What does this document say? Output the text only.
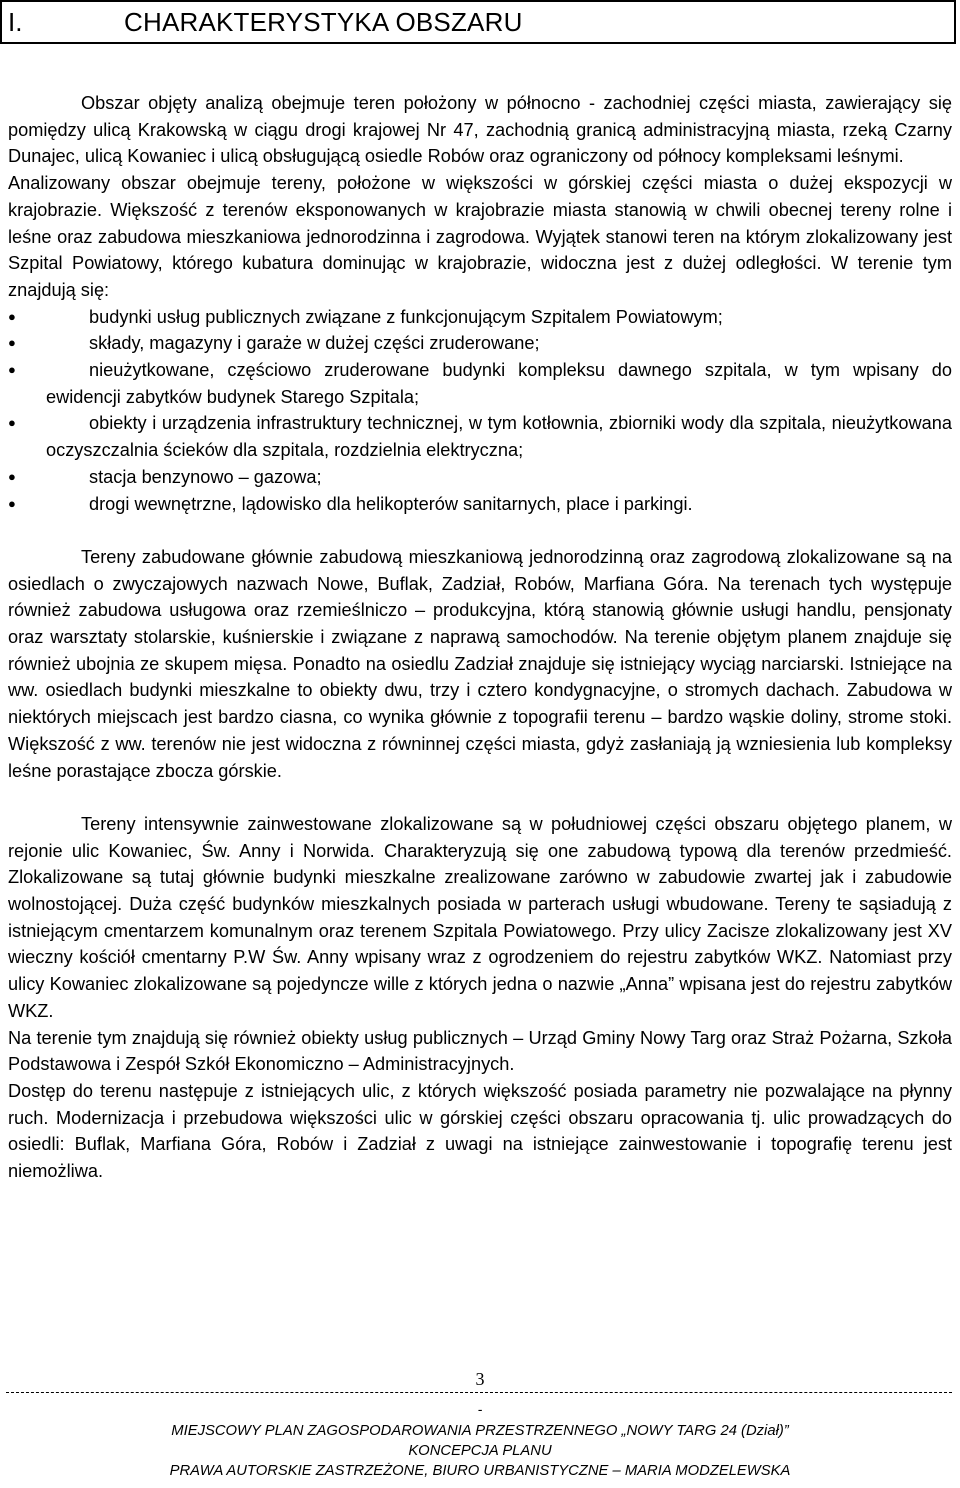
I.	CHARAKTERYSTYKA OBSZARU

Obszar objęty analizą obejmuje teren położony w północno - zachodniej części miasta, zawierający się pomiędzy ulicą Krakowską w ciągu drogi krajowej Nr 47, zachodnią granicą administracyjną miasta, rzeką Czarny Dunajec, ulicą Kowaniec i ulicą obsługującą osiedle Robów oraz ograniczony od północy kompleksami leśnymi.

Analizowany obszar obejmuje tereny, położone w większości w górskiej części miasta o dużej ekspozycji w krajobrazie. Większość z terenów eksponowanych w krajobrazie miasta stanowią w chwili obecnej tereny rolne i leśne oraz zabudowa mieszkaniowa jednorodzinna i zagrodowa. Wyjątek stanowi teren na którym zlokalizowany jest Szpital Powiatowy, którego kubatura dominując w krajobrazie, widoczna jest z dużej odległości. W terenie tym znajdują się:

● budynki usług publicznych związane z funkcjonującym Szpitalem Powiatowym;
● składy, magazyny i garaże w dużej części zruderowane;
● nieużytkowane, częściowo zruderowane budynki kompleksu dawnego szpitala, w tym wpisany do ewidencji zabytków budynek Starego Szpitala;
● obiekty i urządzenia infrastruktury technicznej, w tym kotłownia, zbiorniki wody dla szpitala, nieużytkowana oczyszczalnia ścieków dla szpitala, rozdzielnia elektryczna;
● stacja benzynowo – gazowa;
● drogi wewnętrzne, lądowisko dla helikopterów sanitarnych, place i parkingi.

Tereny zabudowane głównie zabudową mieszkaniową jednorodzinną oraz zagrodową zlokalizowane są na osiedlach o zwyczajowych nazwach Nowe, Buflak, Zadział, Robów, Marfiana Góra. Na terenach tych występuje również zabudowa usługowa oraz rzemieślniczo – produkcyjna, którą stanowią głównie usługi handlu, pensjonaty oraz warsztaty stolarskie, kuśnierskie i związane z naprawą samochodów. Na terenie objętym planem znajduje się również ubojnia ze skupem mięsa. Ponadto na osiedlu Zadział znajduje się istniejący wyciąg narciarski. Istniejące na ww. osiedlach budynki mieszkalne to obiekty dwu, trzy i cztero kondygnacyjne, o stromych dachach. Zabudowa w niektórych miejscach jest bardzo ciasna, co wynika głównie z topografii terenu – bardzo wąskie doliny, strome stoki. Większość z ww. terenów nie jest widoczna z równinnej części miasta, gdyż zasłaniają ją wzniesienia lub kompleksy leśne porastające zbocza górskie.

Tereny intensywnie zainwestowane zlokalizowane są w południowej części obszaru objętego planem, w rejonie ulic Kowaniec, Św. Anny i Norwida. Charakteryzują się one zabudową typową dla terenów przedmieść. Zlokalizowane są tutaj głównie budynki mieszkalne zrealizowane zarówno w zabudowie zwartej jak i zabudowie wolnostojącej. Duża część budynków mieszkalnych posiada w parterach usługi wbudowane. Tereny te sąsiadują z istniejącym cmentarzem komunalnym oraz terenem Szpitala Powiatowego. Przy ulicy Zacisze zlokalizowany jest XV wieczny kościół cmentarny P.W Św. Anny wpisany wraz z ogrodzeniem do rejestru zabytków WKZ. Natomiast przy ulicy Kowaniec zlokalizowane są pojedyncze wille z których jedna o nazwie „Anna” wpisana jest do rejestru zabytków WKZ.

Na terenie tym znajdują się również obiekty usług publicznych – Urząd Gminy Nowy Targ oraz Straż Pożarna, Szkoła Podstawowa i Zespół Szkół Ekonomiczno – Administracyjnych.

Dostęp do terenu następuje z istniejących ulic, z których większość posiada parametry nie pozwalające na płynny ruch. Modernizacja i przebudowa większości ulic w górskiej części obszaru opracowania tj. ulic prowadzących do osiedli: Buflak, Marfiana Góra, Robów i Zadział z uwagi na istniejące zainwestowanie i topografię terenu jest niemożliwa.

3
-
MIEJSCOWY PLAN ZAGOSPODAROWANIA PRZESTRZENNEGO „NOWY TARG 24 (Dział)”
KONCEPCJA PLANU
PRAWA AUTORSKIE ZASTRZEŻONE, BIURO URBANISTYCZNE – MARIA MODZELEWSKA
